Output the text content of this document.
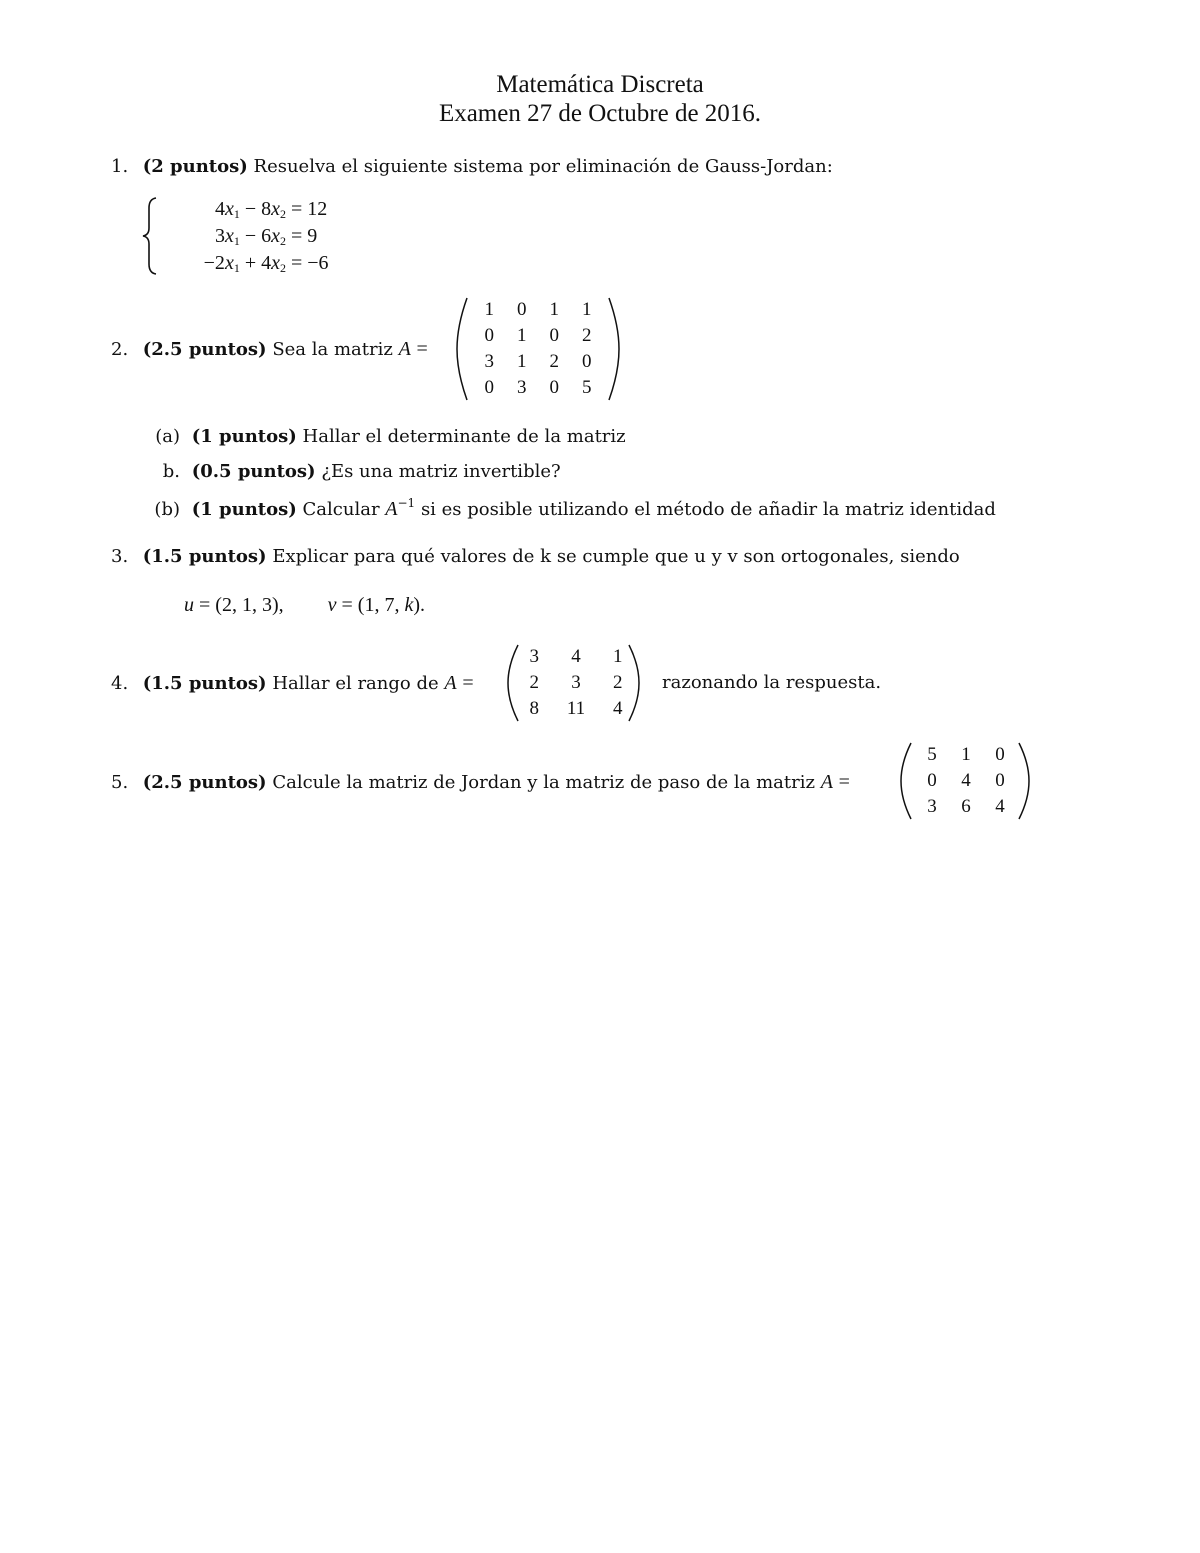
Matemática Discreta
Examen 27 de Octubre de 2016.
1. (2 puntos) Resuelva el siguiente sistema por eliminación de Gauss-Jordan:
$4x_1 - 8x_2 = 12$
$3x_1 - 6x_2 = 9$
$-2x_1 + 4x_2 = -6$
2. (2.5 puntos) Sea la matriz A =
1	0	1	1
0	1	0	2
3	1	2	0
0	3	0	5
(a) (1 puntos) Hallar el determinante de la matriz
b. (0.5 puntos) ¿Es una matriz invertible?
(b) (1 puntos) Calcular $A^{-1}$ si es posible utilizando el método de añadir la matriz identidad
3. (1.5 puntos) Explicar para qué valores de k se cumple que u y v son ortogonales, siendo
u = (2, 1, 3), v = (1, 7, k).
4. (1.5 puntos) Hallar el rango de A =
3	4	1
2	3	2
8	11	4
razonando la respuesta.
5. (2.5 puntos) Calcule la matriz de Jordan y la matriz de paso de la matriz A =
5	1	0
0	4	0
3	6	4
